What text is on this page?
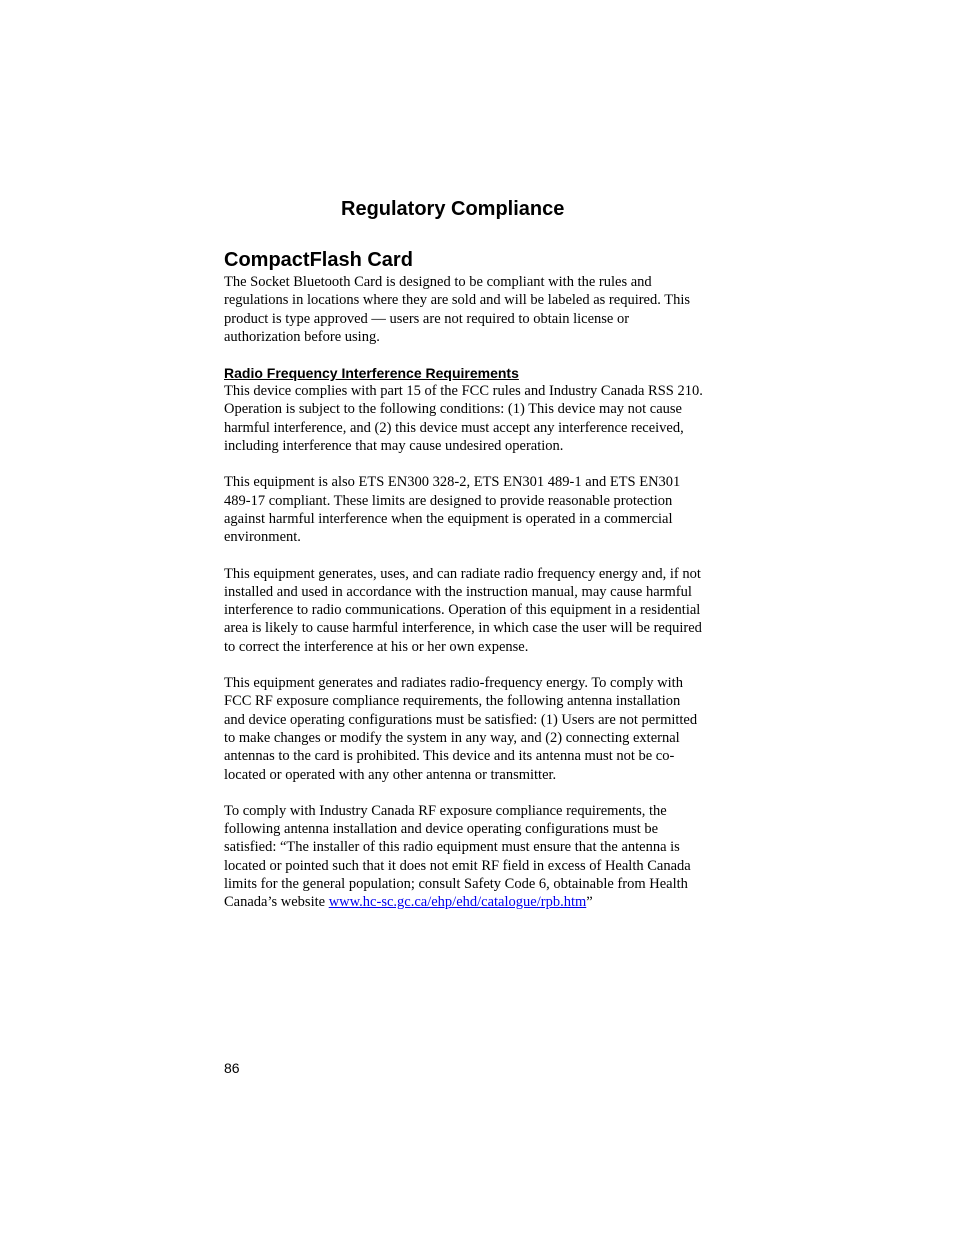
Regulatory Compliance
CompactFlash Card

The Socket Bluetooth Card is designed to be compliant with the rules and regulations in locations where they are sold and will be labeled as required. This product is type approved — users are not required to obtain license or authorization before using.

Radio Frequency Interference Requirements

This device complies with part 15 of the FCC rules and Industry Canada RSS 210. Operation is subject to the following conditions: (1) This device may not cause harmful interference, and (2) this device must accept any interference received, including interference that may cause undesired operation.

This equipment is also ETS EN300 328-2, ETS EN301 489-1 and ETS EN301 489-17 compliant. These limits are designed to provide reasonable protection against harmful interference when the equipment is operated in a commercial environment.

This equipment generates, uses, and can radiate radio frequency energy and, if not installed and used in accordance with the instruction manual, may cause harmful interference to radio communications. Operation of this equipment in a residential area is likely to cause harmful interference, in which case the user will be required to correct the interference at his or her own expense.

This equipment generates and radiates radio-frequency energy. To comply with FCC RF exposure compliance requirements, the following antenna installation and device operating configurations must be satisfied: (1) Users are not permitted to make changes or modify the system in any way, and (2) connecting external antennas to the card is prohibited. This device and its antenna must not be co-located or operated with any other antenna or transmitter.

To comply with Industry Canada RF exposure compliance requirements, the following antenna installation and device operating configurations must be satisfied: “The installer of this radio equipment must ensure that the antenna is located or pointed such that it does not emit RF field in excess of Health Canada limits for the general population; consult Safety Code 6, obtainable from Health Canada’s website www.hc-sc.gc.ca/ehp/ehd/catalogue/rpb.htm”

86
